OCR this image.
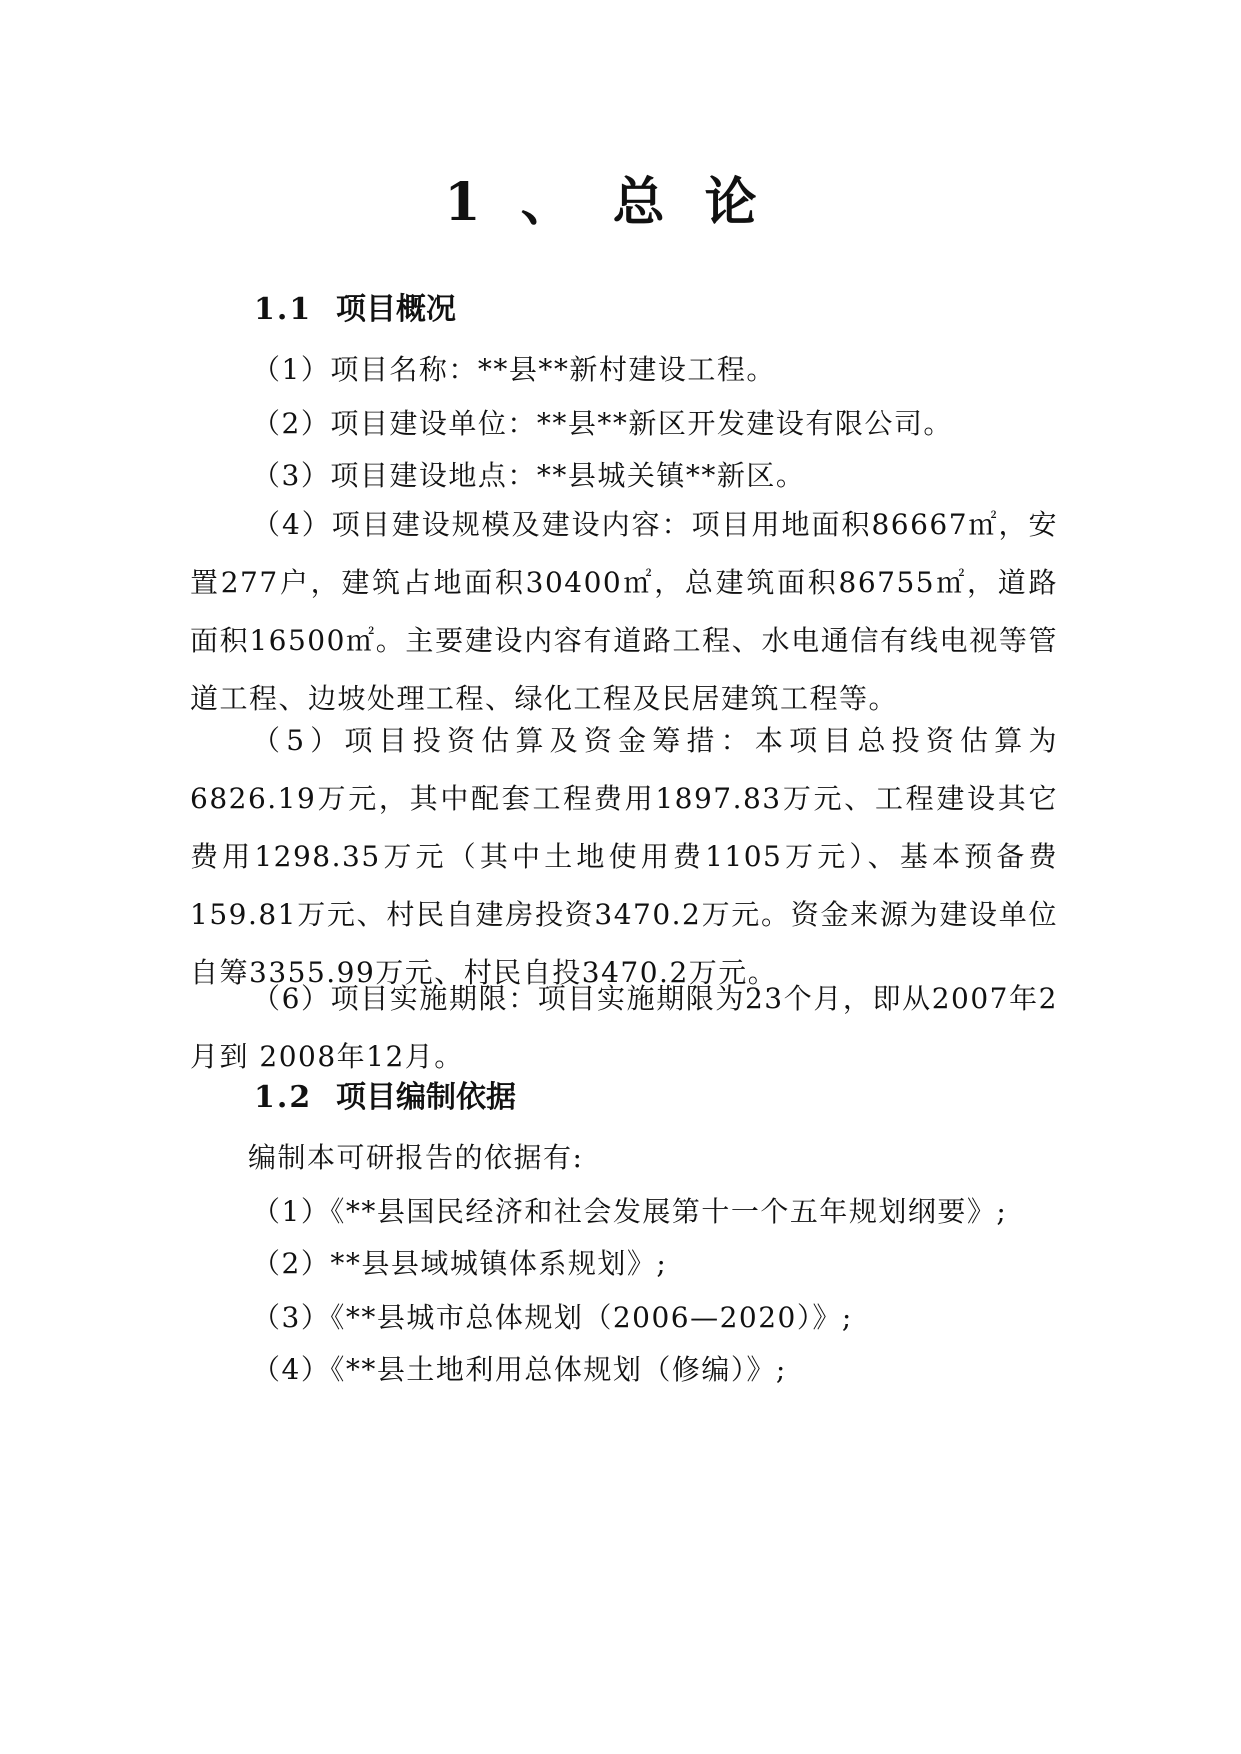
1、总论
1.1 项目概况

（1）项目名称：**县**新村建设工程。

（2）项目建设单位：**县**新区开发建设有限公司。

（3）项目建设地点：**县城关镇**新区。

（4）项目建设规模及建设内容：项目用地面积86667㎡，安置277户，建筑占地面积30400㎡，总建筑面积86755㎡，道路面积16500㎡。主要建设内容有道路工程、水电通信有线电视等管道工程、边坡处理工程、绿化工程及民居建筑工程等。

（5）项目投资估算及资金筹措：本项目总投资估算为6826.19万元，其中配套工程费用1897.83万元、工程建设其它费用1298.35万元（其中土地使用费1105万元）、基本预备费159.81万元、村民自建房投资3470.2万元。资金来源为建设单位自筹3355.99万元、村民自投3470.2万元。

（6）项目实施期限：项目实施期限为23个月，即从2007年2月到 2008年12月。

1.2 项目编制依据

编制本可研报告的依据有:

（1）《**县国民经济和社会发展第十一个五年规划纲要》;

（2）**县县域城镇体系规划》;

（3）《**县城市总体规划（2006—2020）》;

（4）《**县土地利用总体规划（修编）》;
